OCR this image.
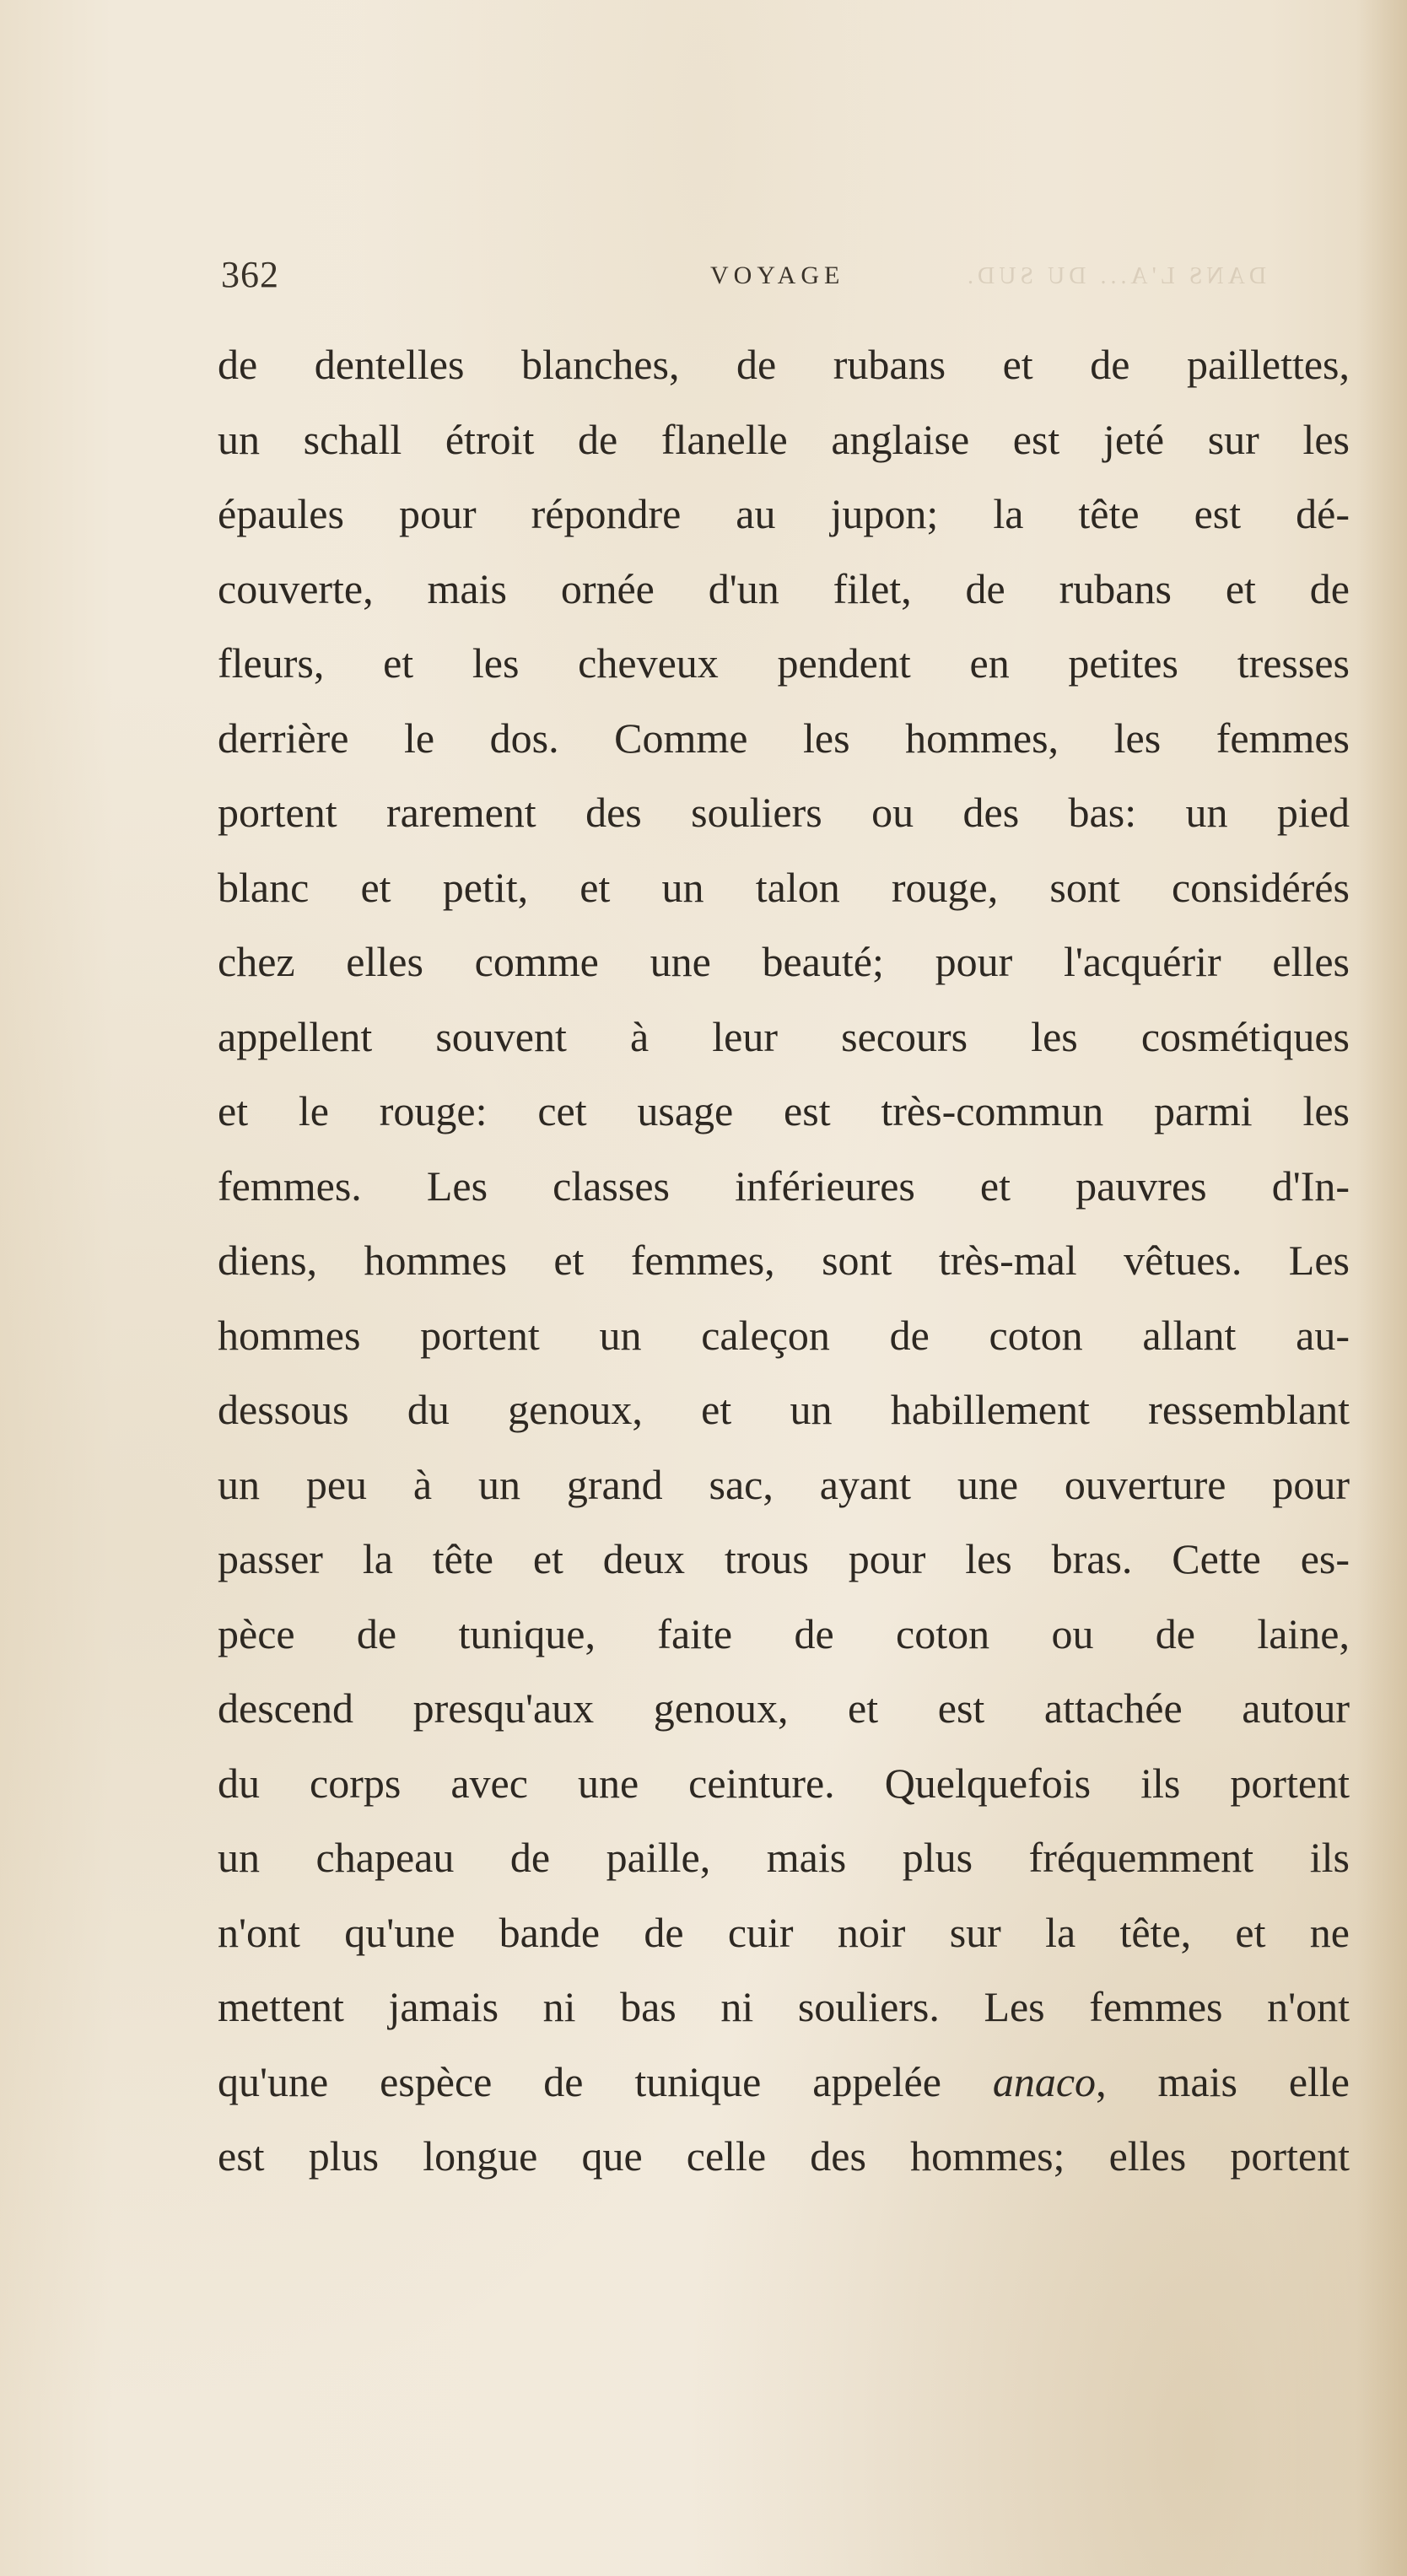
362	VOYAGE	DANS L'A... DU SUD.
de dentelles blanches, de rubans et de paillettes,
un schall étroit de flanelle anglaise est jeté sur les
épaules pour répondre au jupon; la tête est dé-
couverte, mais ornée d'un filet, de rubans et de
fleurs, et les cheveux pendent en petites tresses
derrière le dos. Comme les hommes, les femmes
portent rarement des souliers ou des bas: un pied
blanc et petit, et un talon rouge, sont considérés
chez elles comme une beauté; pour l'acquérir elles
appellent souvent à leur secours les cosmétiques
et le rouge: cet usage est très-commun parmi les
femmes. Les classes inférieures et pauvres d'In-
diens, hommes et femmes, sont très-mal vêtues. Les
hommes portent un caleçon de coton allant au-
dessous du genoux, et un habillement ressemblant
un peu à un grand sac, ayant une ouverture pour
passer la tête et deux trous pour les bras. Cette es-
pèce de tunique, faite de coton ou de laine,
descend presqu'aux genoux, et est attachée autour
du corps avec une ceinture. Quelquefois ils portent
un chapeau de paille, mais plus fréquemment ils
n'ont qu'une bande de cuir noir sur la tête, et ne
mettent jamais ni bas ni souliers. Les femmes n'ont
qu'une espèce de tunique appelée anaco, mais elle
est plus longue que celle des hommes; elles portent
